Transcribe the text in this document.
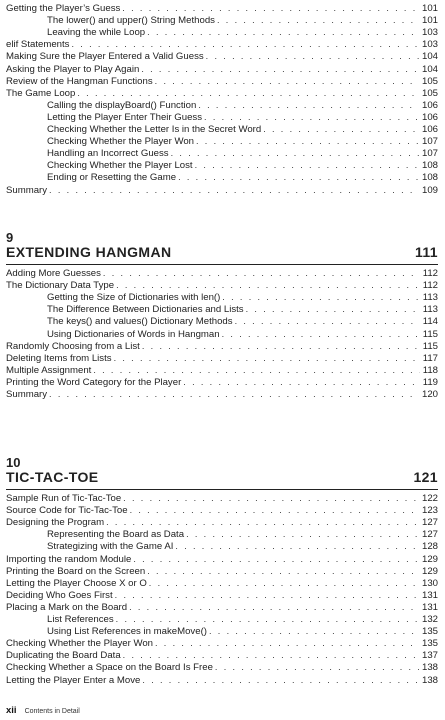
xii Contents in Detail
Getting the Player’s Guess . . .	101
The lower() and upper() String Methods . . .	101
Leaving the while Loop . . .	103
elif Statements . . .	103
Making Sure the Player Entered a Valid Guess . . .	104
Asking the Player to Play Again . . .	104
Review of the Hangman Functions . . .	105
The Game Loop . . .	105
Calling the displayBoard() Function . . .	106
Letting the Player Enter Their Guess . . .	106
Checking Whether the Letter Is in the Secret Word . . .	106
Checking Whether the Player Won . . .	107
Handling an Incorrect Guess . . .	107
Checking Whether the Player Lost . . .	108
Ending or Resetting the Game . . .	108
Summary . . .	109
9
EXTENDING HANGMAN	111
Adding More Guesses . . .	112
The Dictionary Data Type . . .	112
Getting the Size of Dictionaries with len() . . .	113
The Difference Between Dictionaries and Lists . . .	113
The keys() and values() Dictionary Methods . . .	114
Using Dictionaries of Words in Hangman . . .	115
Randomly Choosing from a List . . .	115
Deleting Items from Lists . . .	117
Multiple Assignment . . .	118
Printing the Word Category for the Player . . .	119
Summary . . .	120
10
TIC-TAC-TOE	121
Sample Run of Tic-Tac-Toe . . .	122
Source Code for Tic-Tac-Toe . . .	123
Designing the Program . . .	127
Representing the Board as Data . . .	127
Strategizing with the Game AI . . .	128
Importing the random Module . . .	129
Printing the Board on the Screen . . .	129
Letting the Player Choose X or O . . .	130
Deciding Who Goes First . . .	131
Placing a Mark on the Board . . .	131
List References . . .	132
Using List References in makeMove() . . .	135
Checking Whether the Player Won . . .	135
Duplicating the Board Data . . .	137
Checking Whether a Space on the Board Is Free . . .	138
Letting the Player Enter a Move . . .	138
